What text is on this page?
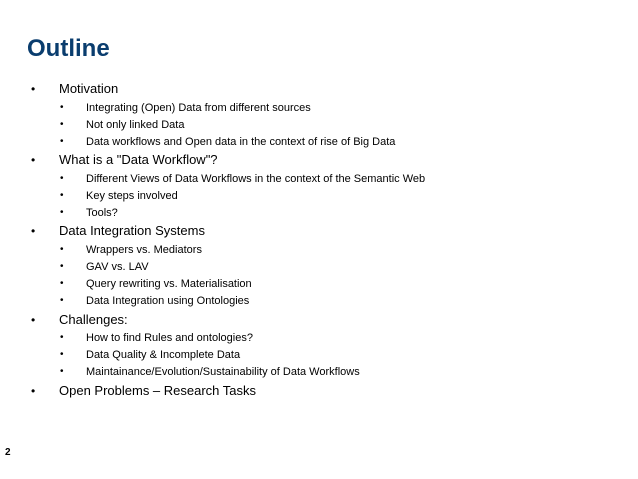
Outline
• Motivation
• Integrating (Open) Data from different sources
• Not only linked Data
• Data workflows and Open data in the context of rise of Big Data
• What is a "Data Workflow"?
• Different Views of Data Workflows in the context of the Semantic Web
• Key steps involved
• Tools?
• Data Integration Systems
• Wrappers vs. Mediators
• GAV vs. LAV
• Query rewriting vs. Materialisation
• Data Integration using Ontologies
• Challenges:
• How to find Rules and ontologies?
• Data Quality & Incomplete Data
• Maintainance/Evolution/Sustainability of Data Workflows
• Open Problems – Research Tasks
2
